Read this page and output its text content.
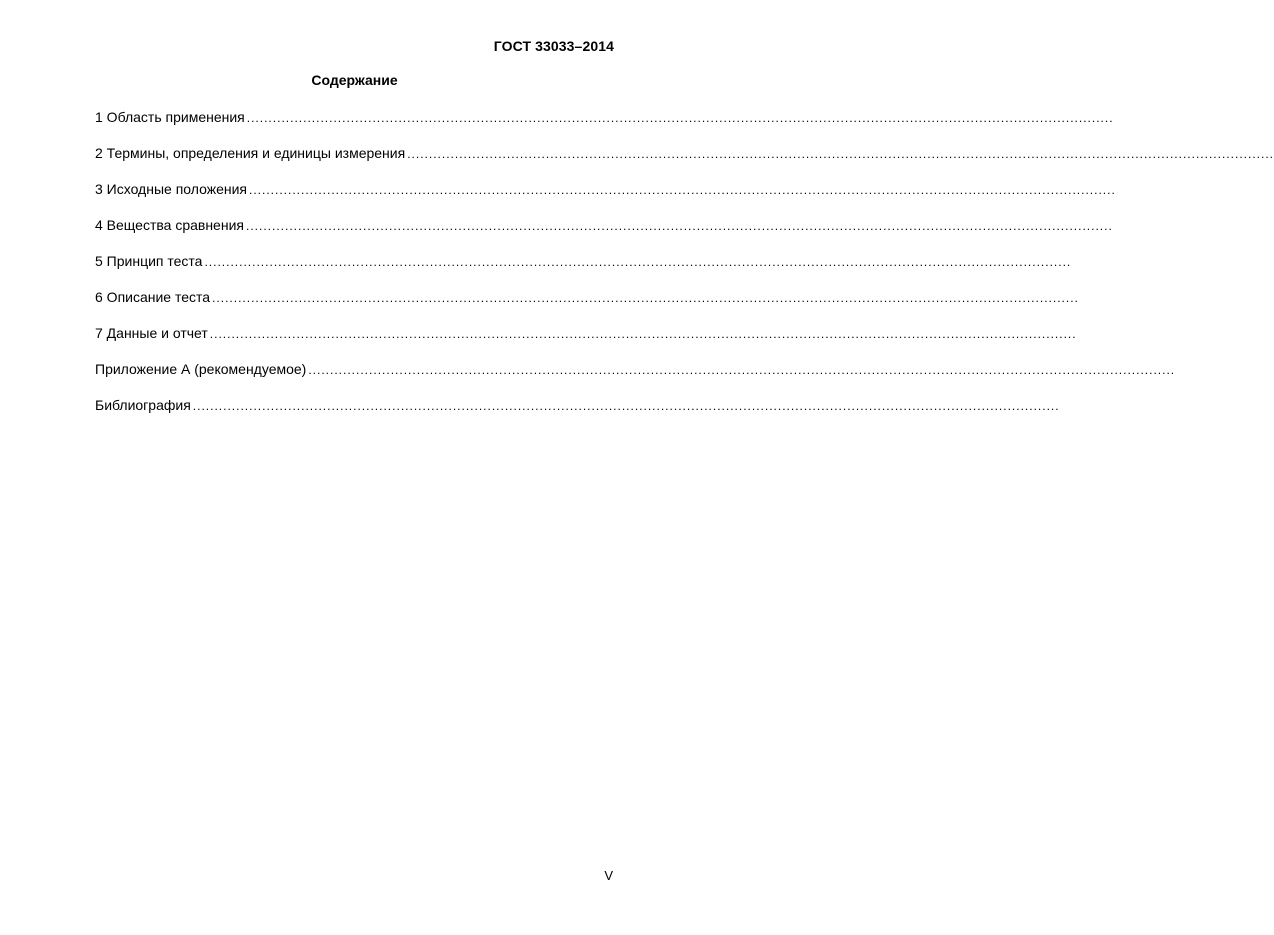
ГОСТ 33033–2014
Содержание
1 Область применения ........................................................................................................................................................................................................
2 Термины, определения и единицы измерения ........................................................................................................................................................................................................
3 Исходные положения ........................................................................................................................................................................................................
4 Вещества сравнения ........................................................................................................................................................................................................
5 Принцип теста ........................................................................................................................................................................................................
6 Описание теста ........................................................................................................................................................................................................
7 Данные и отчет ........................................................................................................................................................................................................
Приложение А (рекомендуемое) ........................................................................................................................................................................................................
Библиография ........................................................................................................................................................................................................
V
